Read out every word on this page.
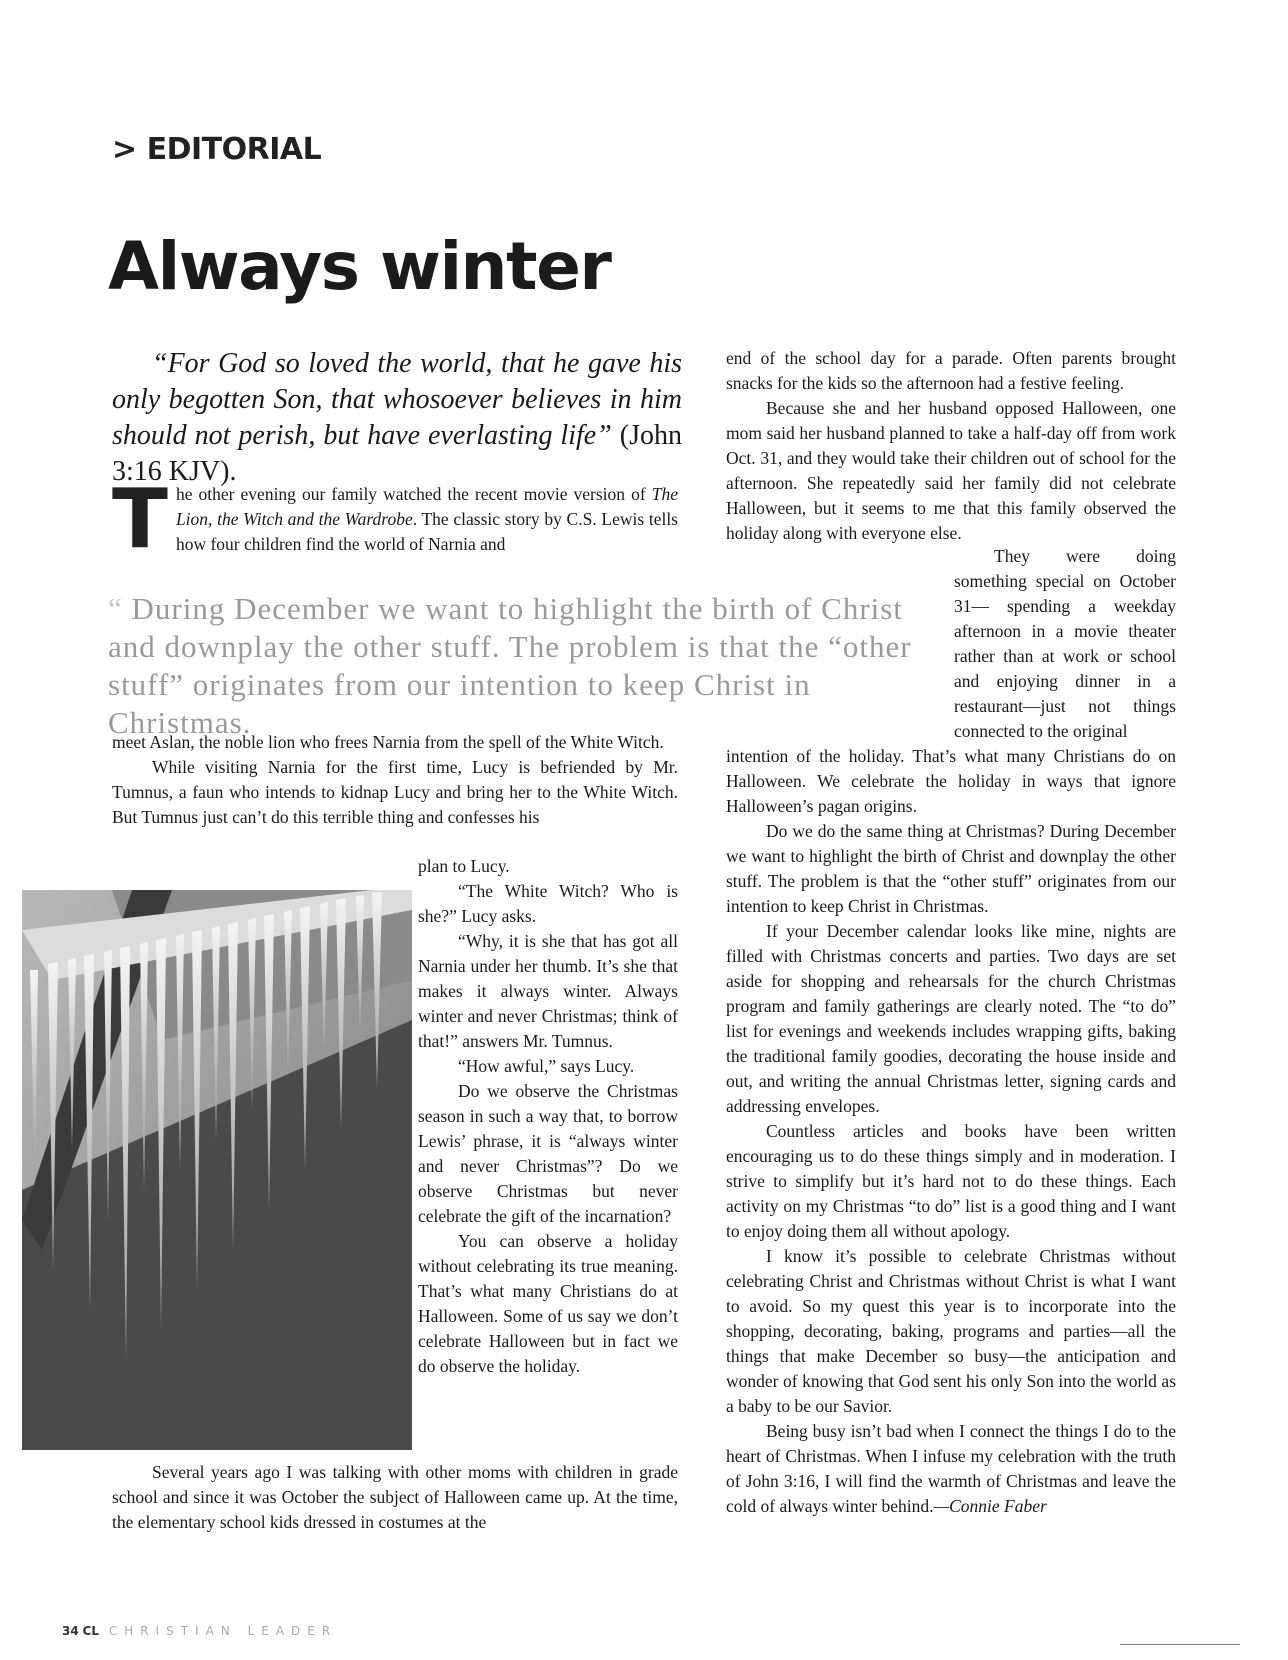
> EDITORIAL
Always winter
“For God so loved the world, that he gave his only begotten Son, that whosoever believes in him should not perish, but have everlasting life” (John 3:16 KJV).

The other evening our family watched the recent movie version of The Lion, the Witch and the Wardrobe. The classic story by C.S. Lewis tells how four children find the world of Narnia and

“ During December we want to highlight the birth of Christ and downplay the other stuff. The problem is that the “other stuff” originates from our intention to keep Christ in Christmas.

meet Aslan, the noble lion who frees Narnia from the spell of the White Witch.

While visiting Narnia for the first time, Lucy is befriended by Mr. Tumnus, a faun who intends to kidnap Lucy and bring her to the White Witch. But Tumnus just can’t do this terrible thing and confesses his

plan to Lucy.

“The White Witch? Who is she?” Lucy asks.

“Why, it is she that has got all Narnia under her thumb. It’s she that makes it always winter. Always winter and never Christmas; think of that!” answers Mr. Tumnus.

“How awful,” says Lucy.

Do we observe the Christmas season in such a way that, to borrow Lewis’ phrase, it is “always winter and never Christmas”? Do we observe Christmas but never celebrate the gift of the incarnation?

You can observe a holiday without celebrating its true meaning. That’s what many Christians do at Halloween. Some of us say we don’t celebrate Halloween but in fact we do observe the holiday.

Several years ago I was talking with other moms with children in grade school and since it was October the subject of Halloween came up. At the time, the elementary school kids dressed in costumes at the

end of the school day for a parade. Often parents brought snacks for the kids so the afternoon had a festive feeling.

Because she and her husband opposed Halloween, one mom said her husband planned to take a half-day off from work Oct. 31, and they would take their children out of school for the afternoon. She repeatedly said her family did not celebrate Halloween, but it seems to me that this family observed the holiday along with everyone else.

They were doing something special on October 31— spending a weekday afternoon in a movie theater rather than at work or school and enjoying dinner in a restaurant—just not things connected to the original

intention of the holiday. That’s what many Christians do on Halloween. We celebrate the holiday in ways that ignore Halloween’s pagan origins.

Do we do the same thing at Christmas? During December we want to highlight the birth of Christ and downplay the other stuff. The problem is that the “other stuff” originates from our intention to keep Christ in Christmas.

If your December calendar looks like mine, nights are filled with Christmas concerts and parties. Two days are set aside for shopping and rehearsals for the church Christmas program and family gatherings are clearly noted. The “to do” list for evenings and weekends includes wrapping gifts, baking the traditional family goodies, decorating the house inside and out, and writing the annual Christmas letter, signing cards and addressing envelopes.

Countless articles and books have been written encouraging us to do these things simply and in moderation. I strive to simplify but it’s hard not to do these things. Each activity on my Christmas “to do” list is a good thing and I want to enjoy doing them all without apology.

I know it’s possible to celebrate Christmas without celebrating Christ and Christmas without Christ is what I want to avoid. So my quest this year is to incorporate into the shopping, decorating, baking, programs and parties—all the things that make December so busy—the anticipation and wonder of knowing that God sent his only Son into the world as a baby to be our Savior.

Being busy isn’t bad when I connect the things I do to the heart of Christmas. When I infuse my celebration with the truth of John 3:16, I will find the warmth of Christmas and leave the cold of always winter behind.—Connie Faber

34 CL CHRISTIAN LEADER
